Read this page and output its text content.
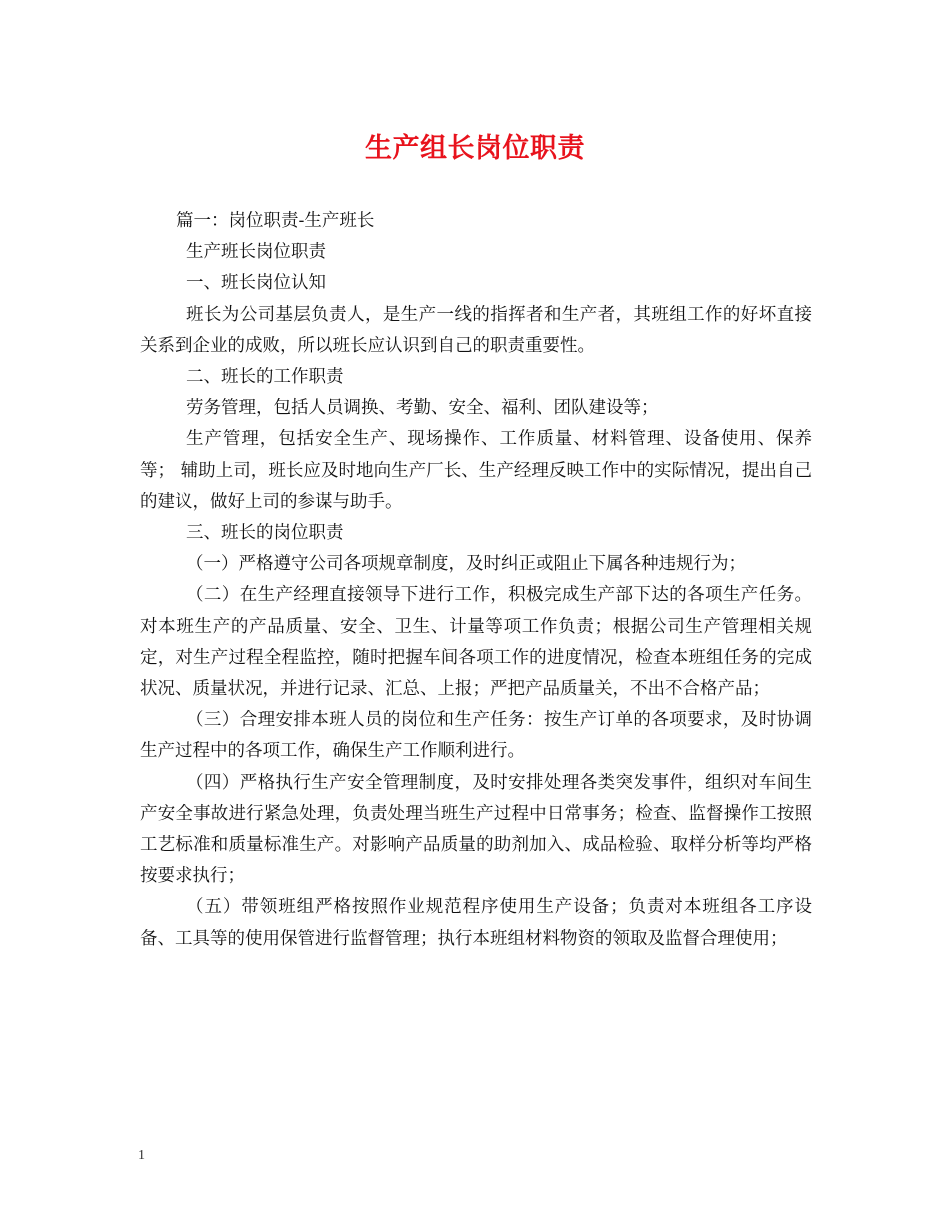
生产组长岗位职责

篇一：岗位职责-生产班长

生产班长岗位职责

一、班长岗位认知

班长为公司基层负责人，是生产一线的指挥者和生产者，其班组工作的好坏直接关系到企业的成败，所以班长应认识到自己的职责重要性。

二、班长的工作职责

劳务管理，包括人员调换、考勤、安全、福利、团队建设等；

生产管理，包括安全生产、现场操作、工作质量、材料管理、设备使用、保养等； 辅助上司，班长应及时地向生产厂长、生产经理反映工作中的实际情况，提出自己的建议，做好上司的参谋与助手。

三、班长的岗位职责

（一）严格遵守公司各项规章制度，及时纠正或阻止下属各种违规行为；

（二）在生产经理直接领导下进行工作，积极完成生产部下达的各项生产任务。 对本班生产的产品质量、安全、卫生、计量等项工作负责；根据公司生产管理相关规定，对生产过程全程监控，随时把握车间各项工作的进度情况，检查本班组任务的完成状况、质量状况，并进行记录、汇总、上报；严把产品质量关，不出不合格产品；

（三）合理安排本班人员的岗位和生产任务：按生产订单的各项要求，及时协调生产过程中的各项工作，确保生产工作顺利进行。

（四）严格执行生产安全管理制度，及时安排处理各类突发事件，组织对车间生产安全事故进行紧急处理，负责处理当班生产过程中日常事务；检查、监督操作工按照工艺标准和质量标准生产。对影响产品质量的助剂加入、成品检验、取样分析等均严格按要求执行；

（五）带领班组严格按照作业规范程序使用生产设备；负责对本班组各工序设备、工具等的使用保管进行监督管理；执行本班组材料物资的领取及监督合理使用；

1
